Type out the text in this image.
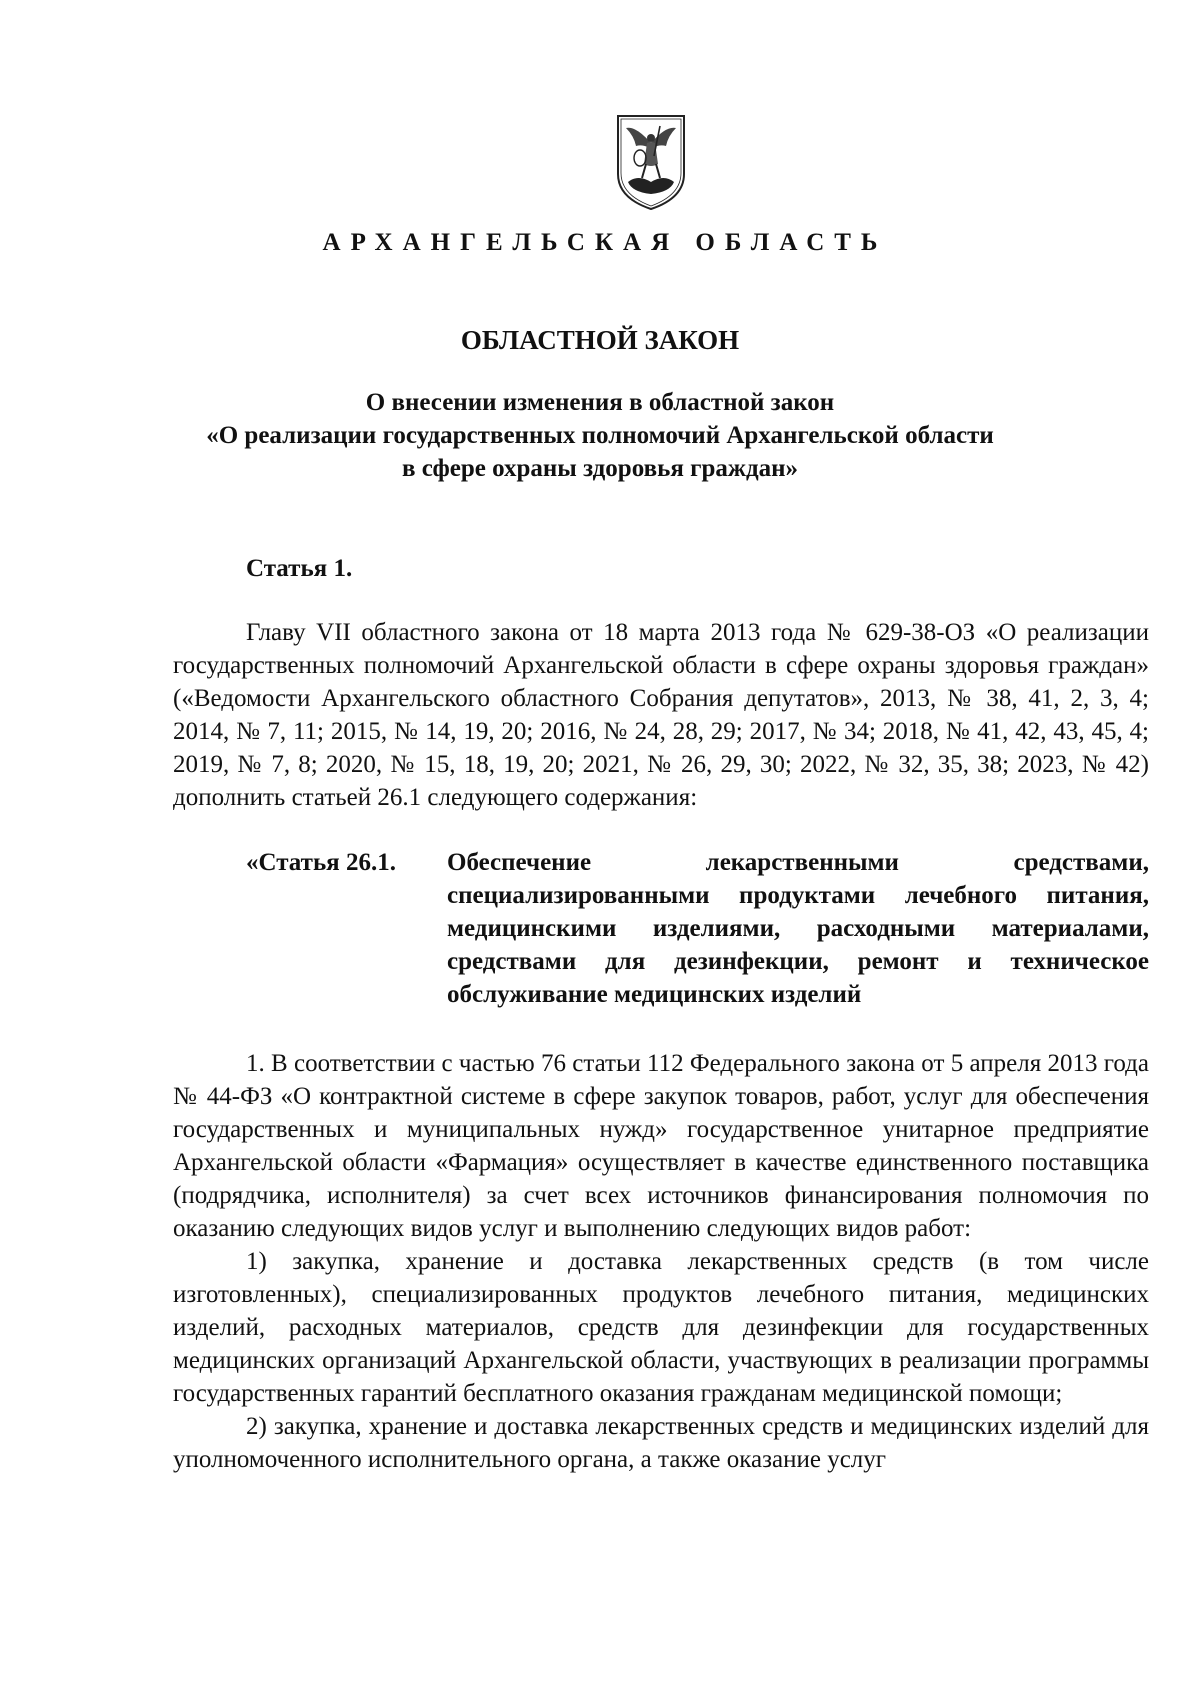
АРХАНГЕЛЬСКАЯ ОБЛАСТЬ
ОБЛАСТНОЙ ЗАКОН
О внесении изменения в областной закон
«О реализации государственных полномочий Архангельской области
в сфере охраны здоровья граждан»
Статья 1.

Главу VII областного закона от 18 марта 2013 года № 629-38-ОЗ «О реализации государственных полномочий Архангельской области в сфере охраны здоровья граждан» («Ведомости Архангельского областного Собрания депутатов», 2013, № 38, 41, 2, 3, 4; 2014, № 7, 11; 2015, № 14, 19, 20; 2016, № 24, 28, 29; 2017, № 34; 2018, № 41, 42, 43, 45, 4; 2019, № 7, 8; 2020, № 15, 18, 19, 20; 2021, № 26, 29, 30; 2022, № 32, 35, 38; 2023, № 42) дополнить статьей 26.1 следующего содержания:

«Статья 26.1. Обеспечение лекарственными средствами, специализированными продуктами лечебного питания, медицинскими изделиями, расходными материалами, средствами для дезинфекции, ремонт и техническое обслуживание медицинских изделий

1. В соответствии с частью 76 статьи 112 Федерального закона от 5 апреля 2013 года № 44-ФЗ «О контрактной системе в сфере закупок товаров, работ, услуг для обеспечения государственных и муниципальных нужд» государственное унитарное предприятие Архангельской области «Фармация» осуществляет в качестве единственного поставщика (подрядчика, исполнителя) за счет всех источников финансирования полномочия по оказанию следующих видов услуг и выполнению следующих видов работ:

1) закупка, хранение и доставка лекарственных средств (в том числе изготовленных), специализированных продуктов лечебного питания, медицинских изделий, расходных материалов, средств для дезинфекции для государственных медицинских организаций Архангельской области, участвующих в реализации программы государственных гарантий бесплатного оказания гражданам медицинской помощи;

2) закупка, хранение и доставка лекарственных средств и медицинских изделий для уполномоченного исполнительного органа, а также оказание услуг
